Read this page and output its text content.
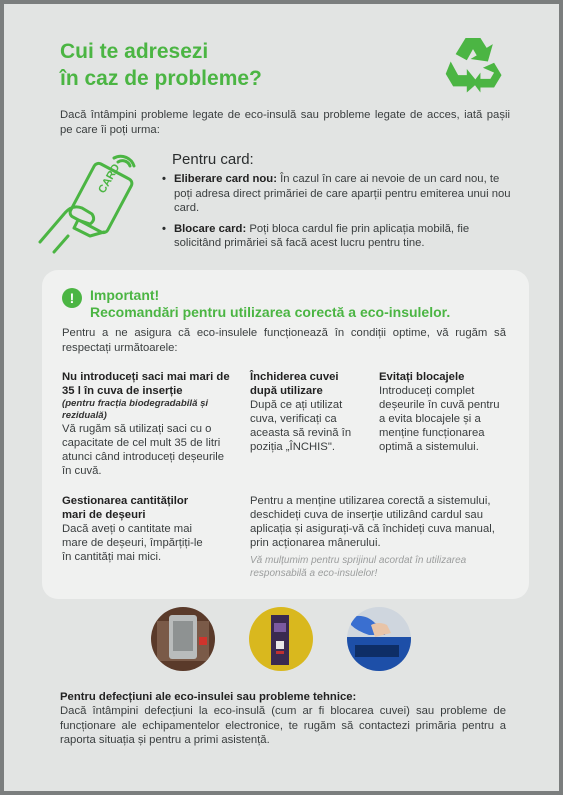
Cui te adresezi
în caz de probleme?

Dacă întâmpini probleme legate de eco-insulă sau probleme legate de acces, iată pașii pe care îi poți urma:

CARD
Pentru card:
• Eliberare card nou: În cazul în care ai nevoie de un card nou, te poți adresa direct primăriei de care aparții pentru emiterea unui nou card.
• Blocare card: Poți bloca cardul fie prin aplicația mobilă, fie solicitând primăriei să facă acest lucru pentru tine.
!	Important!
Recomandări pentru utilizarea corectă a eco-insulelor.

Pentru a ne asigura că eco-insulele funcționează în condiții optime, vă rugăm să respectați următoarele:

Nu introduceți saci mai mari de 35 l în cuva de inserție
(pentru fracția biodegradabilă și reziduală)
Vă rugăm să utilizați saci cu o capacitate de cel mult 35 de litri atunci când introduceți deșeurile în cuvă.
Închiderea cuvei după utilizare
După ce ați utilizat cuva, verificați ca aceasta să revină în poziția „ÎNCHIS".
Evitați blocajele
Introduceți complet deșeurile în cuvă pentru a evita blocajele și a menține funcționarea optimă a sistemului.
Gestionarea cantităților mari de deșeuri
Dacă aveți o cantitate mai mare de deșeuri, împărțiți-le în cantități mai mici.
Pentru a menține utilizarea corectă a sistemului, deschideți cuva de inserție utilizând cardul sau aplicația și asigurați-vă că închideți cuva manual, prin acționarea mânerului.

Vă mulțumim pentru sprijinul acordat în utilizarea responsabilă a eco-insulelor!

Pentru defecțiuni ale eco-insulei sau probleme tehnice:

Dacă întâmpini defecțiuni la eco-insulă (cum ar fi blocarea cuvei) sau probleme de funcționare ale echipamentelor electronice, te rugăm să contactezi primăria pentru a raporta situația și pentru a primi asistență.
